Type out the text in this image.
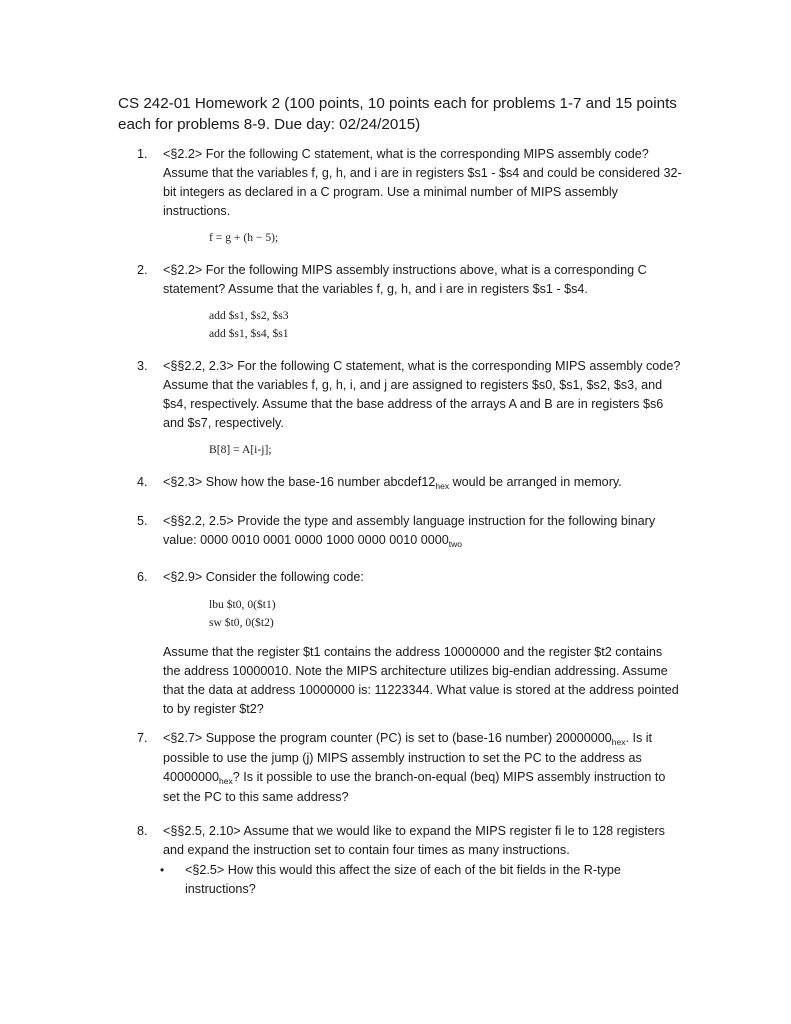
CS 242-01 Homework 2 (100 points, 10 points each for problems 1-7 and 15 points each for problems 8-9. Due day: 02/24/2015)
1.	<§2.2> For the following C statement, what is the corresponding MIPS assembly code? Assume that the variables f, g, h, and i are in registers $s1 - $s4 and could be considered 32-bit integers as declared in a C program. Use a minimal number of MIPS assembly instructions.

f = g + (h − 5);
2.	<§2.2> For the following MIPS assembly instructions above, what is a corresponding C statement? Assume that the variables f, g, h, and i are in registers $s1 - $s4.

add $s1, $s2, $s3
add $s1, $s4, $s1
3.	<§§2.2, 2.3> For the following C statement, what is the corresponding MIPS assembly code? Assume that the variables f, g, h, i, and j are assigned to registers $s0, $s1, $s2, $s3, and $s4, respectively. Assume that the base address of the arrays A and B are in registers $s6 and $s7, respectively.

B[8] = A[i-j];
4.	<§2.3> Show how the base-16 number $abcdef12_{hex}$ would be arranged in memory.

5.	<§§2.2, 2.5> Provide the type and assembly language instruction for the following binary value: 0000 0010 0001 0000 1000 0000 0010 $0000_{two}$

6.	<§2.9> Consider the following code:

lbu $t0, 0($t1)
sw $t0, 0($t2)

Assume that the register $t1 contains the address 10000000 and the register $t2 contains the address 10000010. Note the MIPS architecture utilizes big-endian addressing. Assume that the data at address 10000000 is: 11223344. What value is stored at the address pointed to by register $t2?

7.	<§2.7> Suppose the program counter (PC) is set to (base-16 number) $20000000_{hex}$. Is it possible to use the jump (j) MIPS assembly instruction to set the PC to the address as $40000000_{hex}$? Is it possible to use the branch-on-equal (beq) MIPS assembly instruction to set the PC to this same address?

8.	<§§2.5, 2.10> Assume that we would like to expand the MIPS register fi le to 128 registers and expand the instruction set to contain four times as many instructions.

• <§2.5> How this would this affect the size of each of the bit fields in the R-type instructions?
